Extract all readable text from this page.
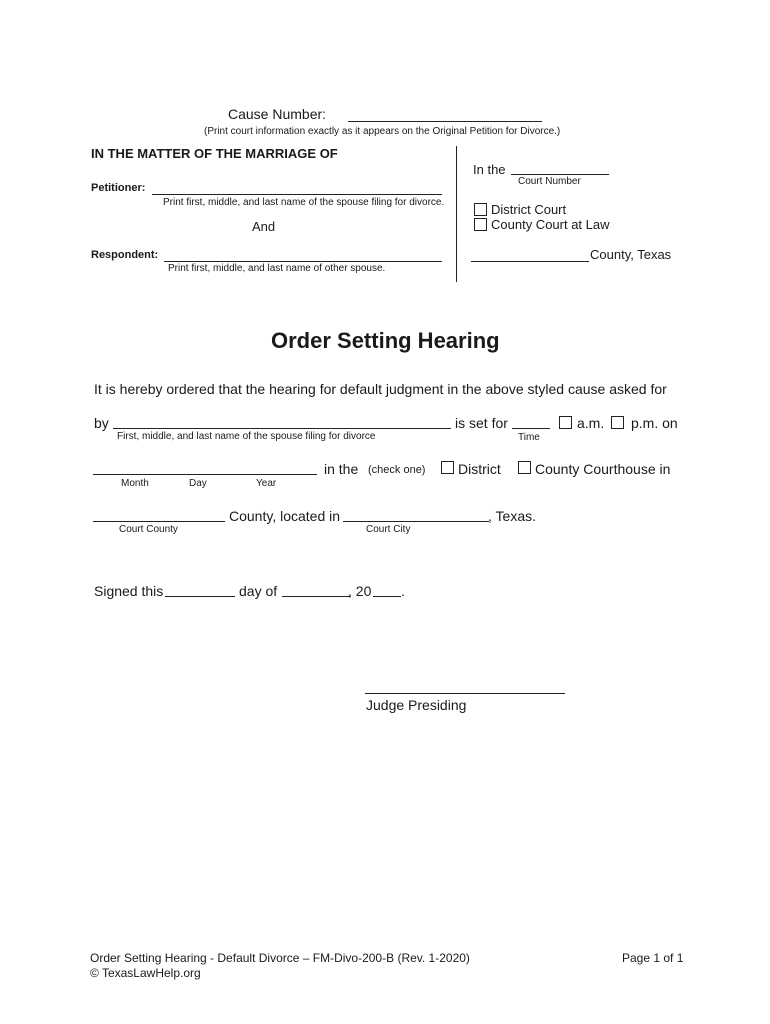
Cause Number:
(Print court information exactly as it appears on the Original Petition for Divorce.)
IN THE MATTER OF THE MARRIAGE OF
Petitioner:
Print first, middle, and last name of the spouse filing for divorce.
And
Respondent:
Print first, middle, and last name of other spouse.
In the
Court Number
District Court
County Court at Law
County, Texas
Order Setting Hearing
It is hereby ordered that the hearing for default judgment in the above styled cause asked for
by
First, middle, and last name of the spouse filing for divorce
is set for
Time
a.m. p.m. on
in the (check one) District County Courthouse in
Month	Day	Year
County, located in	, Texas.
Court County	Court City
Signed this	day of	, 20 .
Judge Presiding
Order Setting Hearing - Default Divorce – FM-Divo-200-B (Rev. 1-2020)
© TexasLawHelp.org
Page 1 of 1
